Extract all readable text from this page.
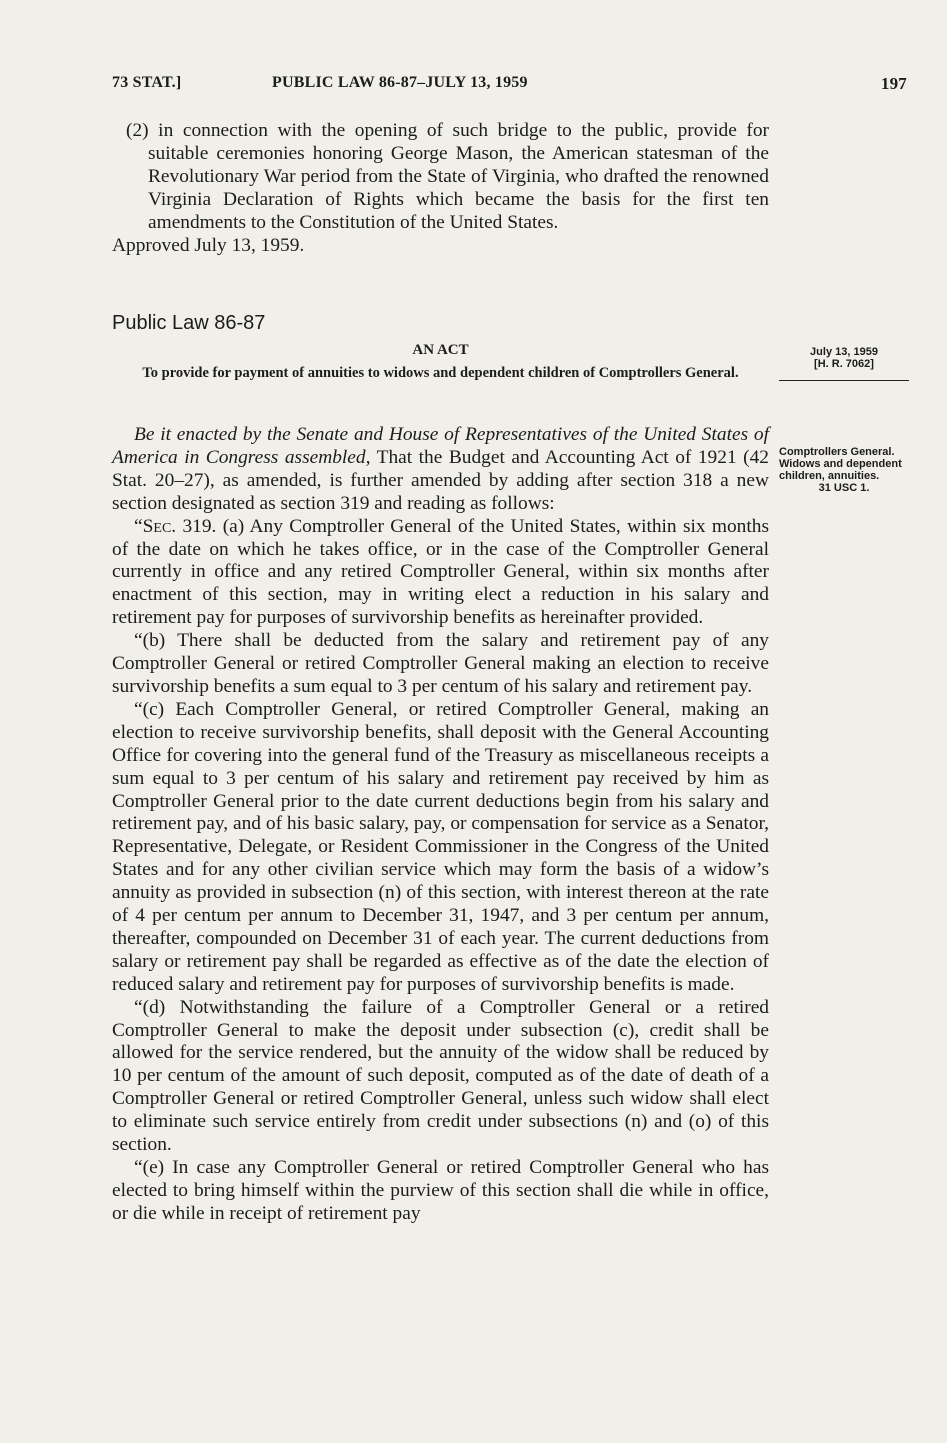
73 STAT.]	PUBLIC LAW 86-87–JULY 13, 1959	197

(2) in connection with the opening of such bridge to the public, provide for suitable ceremonies honoring George Mason, the American statesman of the Revolutionary War period from the State of Virginia, who drafted the renowned Virginia Declaration of Rights which became the basis for the first ten amendments to the Constitution of the United States.

Approved July 13, 1959.

Public Law 86-87
AN ACT
To provide for payment of annuities to widows and dependent children of Comptrollers General.
July 13, 1959
[H. R. 7062]
Comptrollers General.
Widows and dependent children, annuities.
31 USC 1.

Be it enacted by the Senate and House of Representatives of the United States of America in Congress assembled, That the Budget and Accounting Act of 1921 (42 Stat. 20–27), as amended, is further amended by adding after section 318 a new section designated as section 319 and reading as follows:

“Sec. 319. (a) Any Comptroller General of the United States, within six months of the date on which he takes office, or in the case of the Comptroller General currently in office and any retired Comptroller General, within six months after enactment of this section, may in writing elect a reduction in his salary and retirement pay for purposes of survivorship benefits as hereinafter provided.

“(b) There shall be deducted from the salary and retirement pay of any Comptroller General or retired Comptroller General making an election to receive survivorship benefits a sum equal to 3 per centum of his salary and retirement pay.

“(c) Each Comptroller General, or retired Comptroller General, making an election to receive survivorship benefits, shall deposit with the General Accounting Office for covering into the general fund of the Treasury as miscellaneous receipts a sum equal to 3 per centum of his salary and retirement pay received by him as Comptroller General prior to the date current deductions begin from his salary and retirement pay, and of his basic salary, pay, or compensation for service as a Senator, Representative, Delegate, or Resident Commissioner in the Congress of the United States and for any other civilian service which may form the basis of a widow’s annuity as provided in subsection (n) of this section, with interest thereon at the rate of 4 per centum per annum to December 31, 1947, and 3 per centum per annum, thereafter, compounded on December 31 of each year. The current deductions from salary or retirement pay shall be regarded as effective as of the date the election of reduced salary and retirement pay for purposes of survivorship benefits is made.

“(d) Notwithstanding the failure of a Comptroller General or a retired Comptroller General to make the deposit under subsection (c), credit shall be allowed for the service rendered, but the annuity of the widow shall be reduced by 10 per centum of the amount of such deposit, computed as of the date of death of a Comptroller General or retired Comptroller General, unless such widow shall elect to eliminate such service entirely from credit under subsections (n) and (o) of this section.

“(e) In case any Comptroller General or retired Comptroller General who has elected to bring himself within the purview of this section shall die while in office, or die while in receipt of retirement pay
